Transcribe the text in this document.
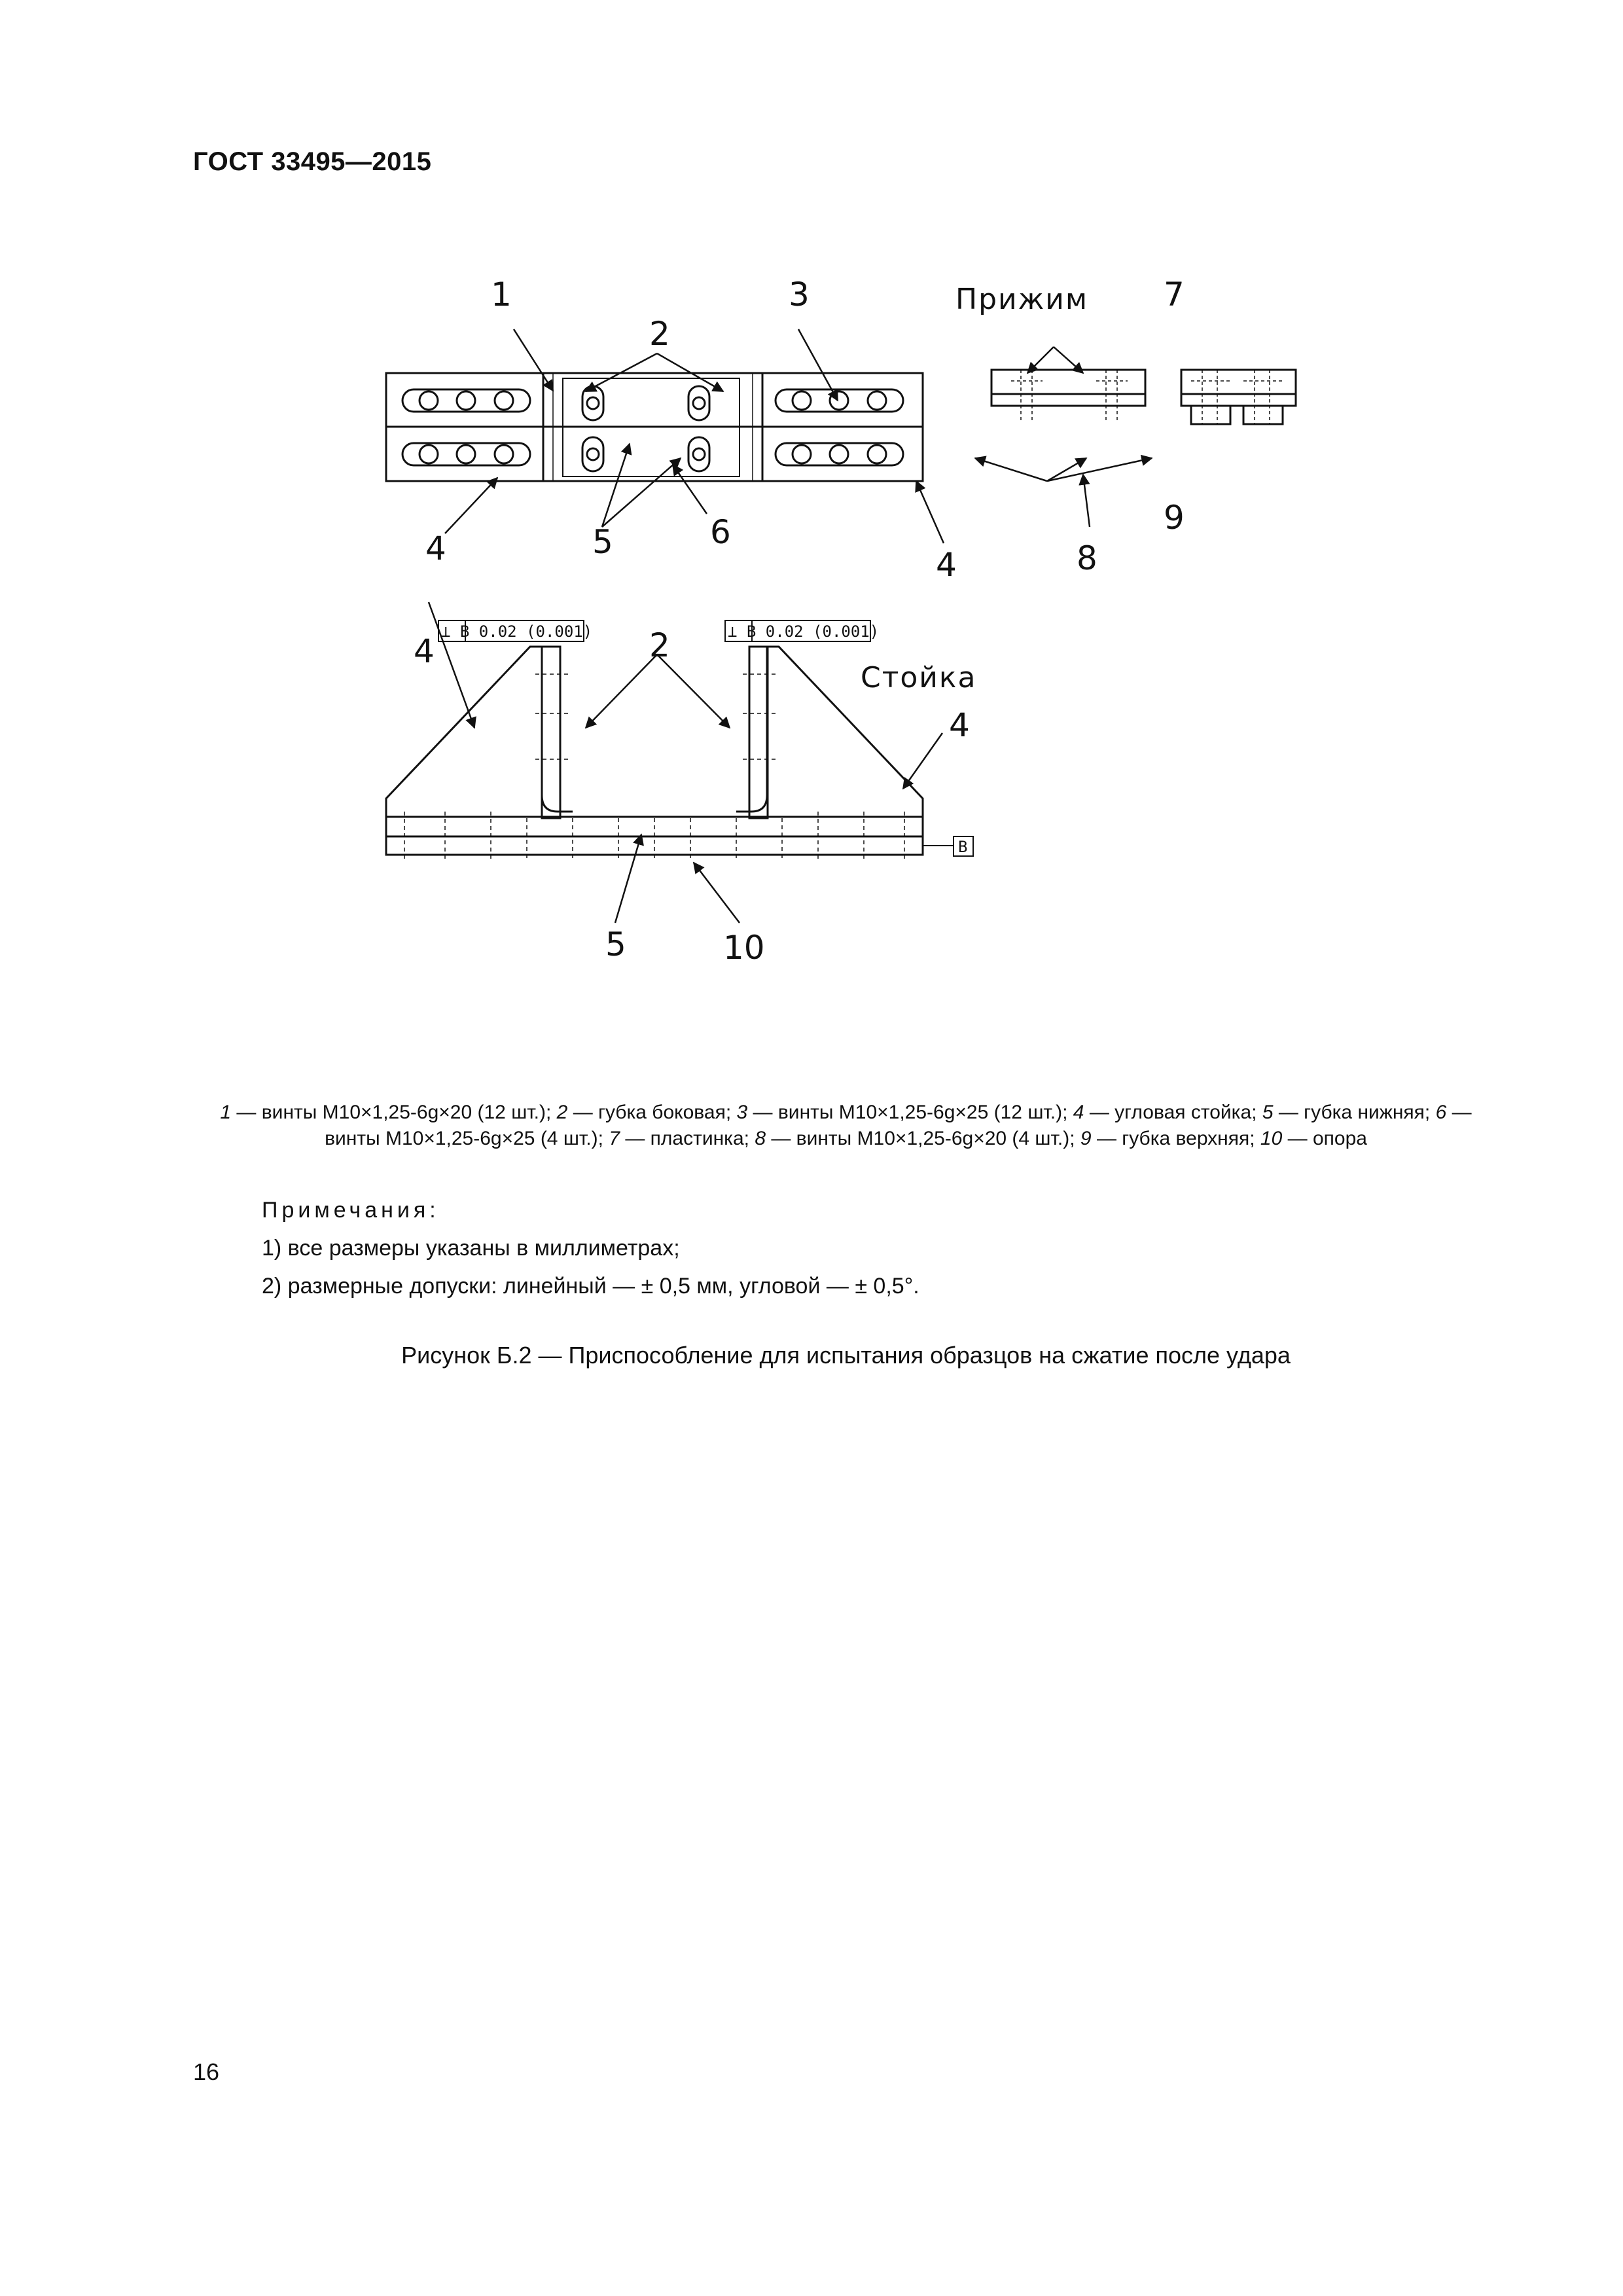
ГОСТ 33495—2015
⊥ B 0.02 (0.001)	⊥ B 0.02 (0.001)
B
1
2
3
4	5	6
4
Прижим 7
8
9
4	2
Стойка
4
5	10
1 — винты М10×1,25-6g×20 (12 шт.); 2 — губка боковая; 3 — винты М10×1,25-6g×25 (12 шт.); 4 — угловая стойка; 5 — губка нижняя; 6 — винты М10×1,25-6g×25 (4 шт.); 7 — пластинка; 8 — винты М10×1,25-6g×20 (4 шт.); 9 — губка верхняя; 10 — опора
Примечания:
1) все размеры указаны в миллиметрах;
2) размерные допуски: линейный — ± 0,5 мм, угловой — ± 0,5°.
Рисунок Б.2 — Приспособление для испытания образцов на сжатие после удара
16
